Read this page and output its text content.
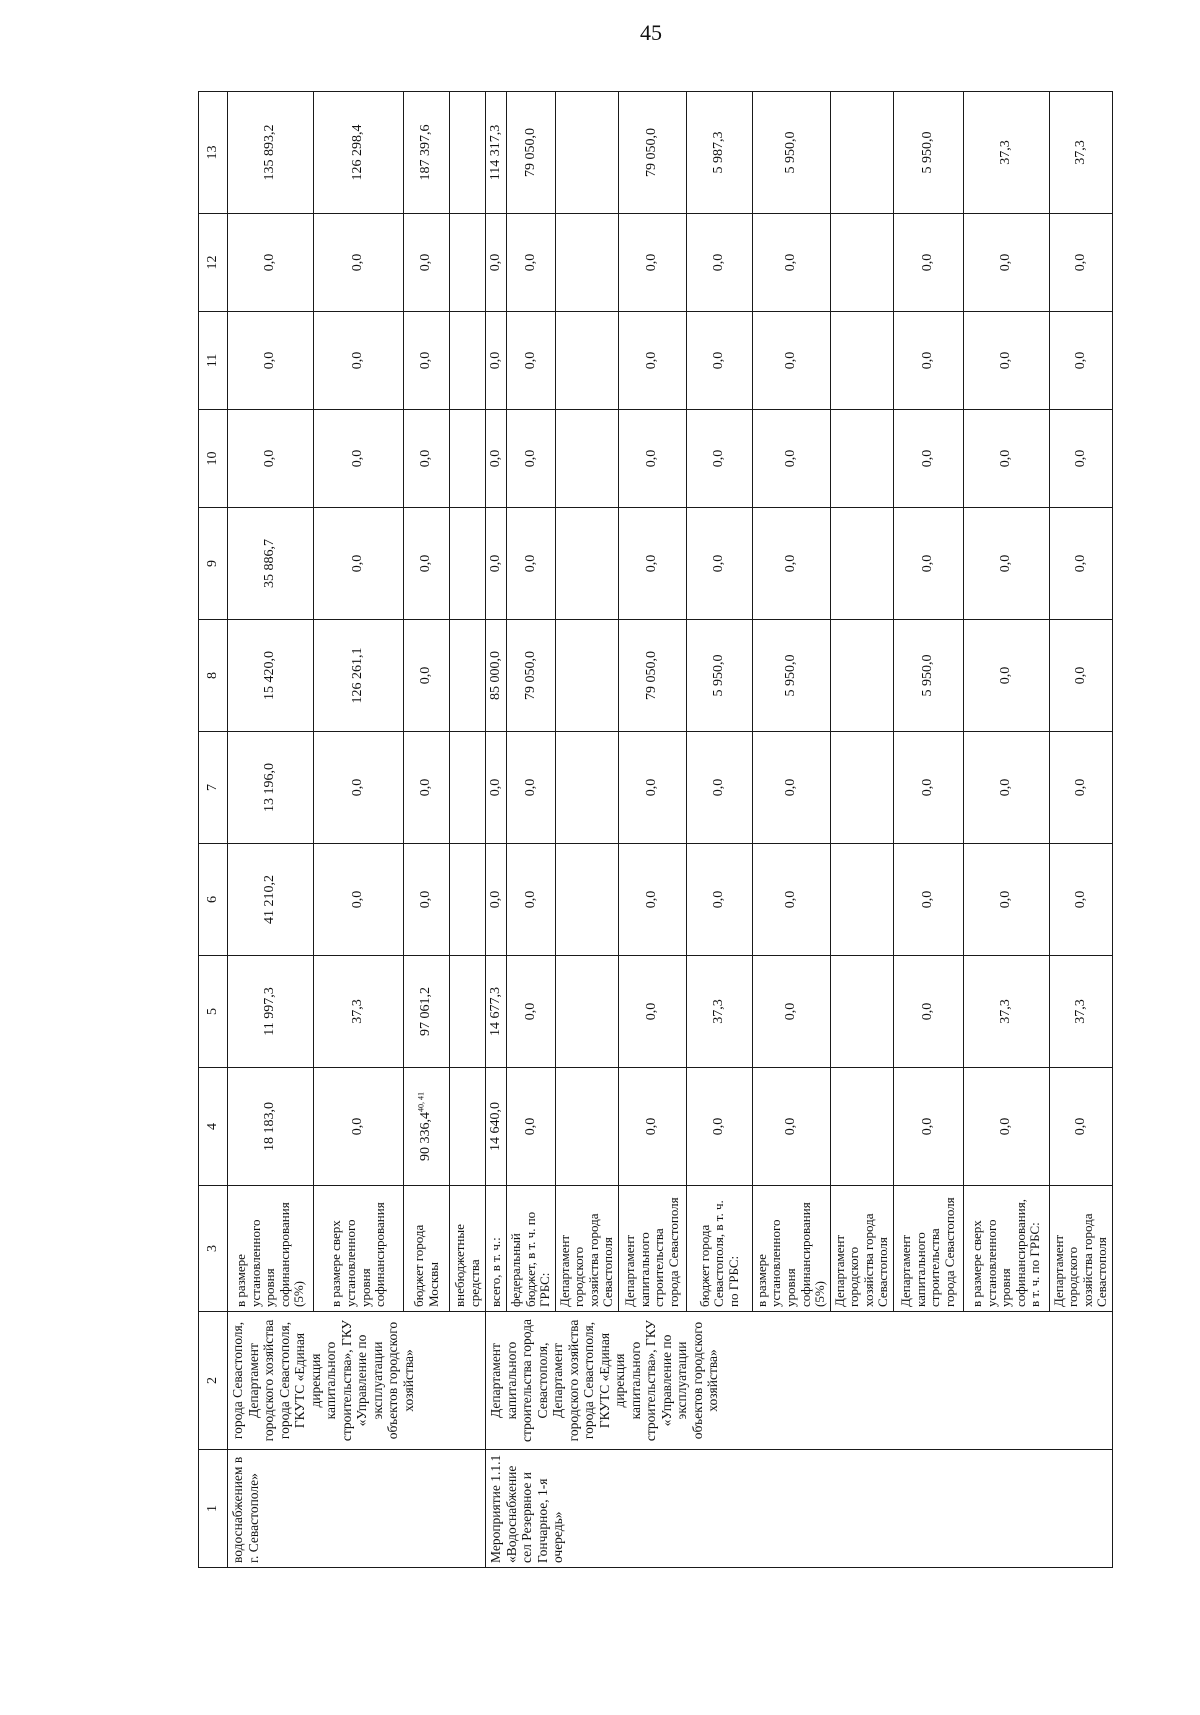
45
1	2	3	4	5	6	7	8	9	10	11	12	13
водоснабжением в г. Севастополе»	города Севастополя, Департамент городского хозяйства города Севастополя, ГКУТС «Единая дирекция капитального строительства», ГКУ «Управление по эксплуатации объектов городского хозяйства»	в размере установленного уровня софинансирования (5%)	18 183,0	11 997,3	41 210,2	13 196,0	15 420,0	35 886,7	0,0	0,0	0,0	135 893,2
		в размере сверх установленного уровня софинансирования	0,0	37,3	0,0	0,0	126 261,1	0,0	0,0	0,0	0,0	126 298,4
		бюджет города Москвы	90 336,4$^{40, 41}$	97 061,2	0,0	0,0	0,0	0,0	0,0	0,0	0,0	187 397,6
		внебюджетные средства										
Мероприятие 1.1.1 «Водоснабжение сел Резервное и Гончарное, 1-я очередь»	Департамент капитального строительства города Севастополя, Департамент городского хозяйства города Севастополя, ГКУТС «Единая дирекция капитального строительства», ГКУ «Управление по эксплуатации объектов городского хозяйства»	всего, в т. ч.:	14 640,0	14 677,3	0,0	0,0	85 000,0	0,0	0,0	0,0	0,0	114 317,3
		федеральный бюджет, в т. ч. по ГРБС:	0,0	0,0	0,0	0,0	79 050,0	0,0	0,0	0,0	0,0	79 050,0
		Департамент городского хозяйства города Севастополя										
		Департамент капитального строительства города Севастополя	0,0	0,0	0,0	0,0	79 050,0	0,0	0,0	0,0	0,0	79 050,0
		бюджет города Севастополя, в т. ч. по ГРБС:	0,0	37,3	0,0	0,0	5 950,0	0,0	0,0	0,0	0,0	5 987,3
		в размере установленного уровня софинансирования (5%)	0,0	0,0	0,0	0,0	5 950,0	0,0	0,0	0,0	0,0	5 950,0
		Департамент городского хозяйства города Севастополя										
		Департамент капитального строительства города Севастополя	0,0	0,0	0,0	0,0	5 950,0	0,0	0,0	0,0	0,0	5 950,0
		в размере сверх установленного уровня софинансирования, в т. ч. по ГРБС:	0,0	37,3	0,0	0,0	0,0	0,0	0,0	0,0	0,0	37,3
		Департамент городского хозяйства города Севастополя	0,0	37,3	0,0	0,0	0,0	0,0	0,0	0,0	0,0	37,3
